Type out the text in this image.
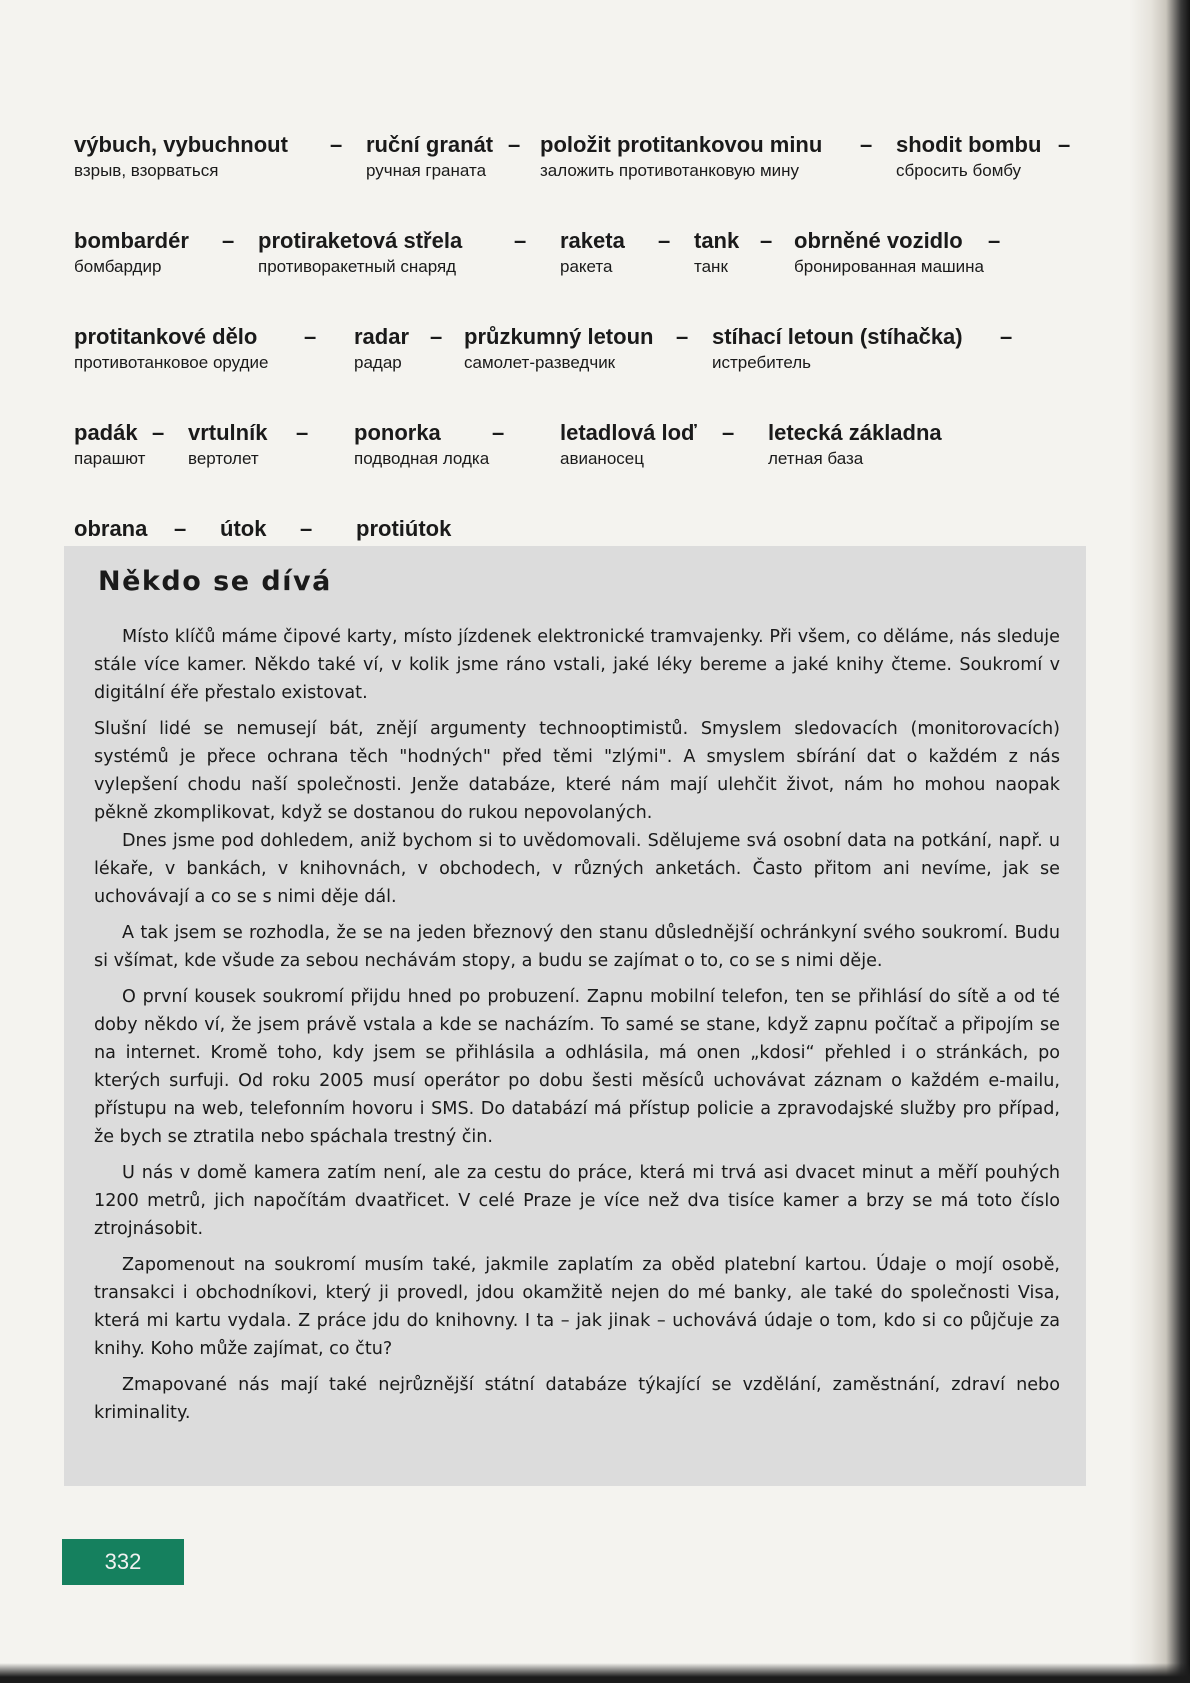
výbuch, vybuchnout
взрыв, взорваться
– ruční granát
ручная граната
– položit protitankovou minu
заложить противотанковую мину
– shodit bombu
сбросить бомбу
–
bombardér
бомбардир
– protiraketová střela
противоракетный снаряд
– raketa
ракета
– tank
танк
– obrněné vozidlo
бронированная машина
–
protitankové dělo
противотанковое орудие
– radar
радар
– průzkumný letoun
самолет-разведчик
– stíhací letoun (stíhačka)
истребитель
–
padák
парашют
– vrtulník
вертолет
– ponorka
подводная лодка
–	letadlová loď
авианосец
– letecká základna
летная база
obrana – útok	– protiútok
Někdo se dívá

Místo klíčů máme čipové karty, místo jízdenek elektronické tramvajenky. Při všem, co děláme, nás sleduje stále více kamer. Někdo také ví, v kolik jsme ráno vstali, jaké léky bereme a jaké knihy čteme. Soukromí v digitální éře přestalo existovat.

Slušní lidé se nemusejí bát, znějí argumenty technooptimistů. Smyslem sledovacích (monitorovacích) systémů je přece ochrana těch "hodných" před těmi "zlými". A smyslem sbírání dat o každém z nás vylepšení chodu naší společnosti. Jenže databáze, které nám mají ulehčit život, nám ho mohou naopak pěkně zkomplikovat, když se dostanou do rukou nepovolaných.

Dnes jsme pod dohledem, aniž bychom si to uvědomovali. Sdělujeme svá osobní data na potkání, např. u lékaře, v bankách, v knihovnách, v obchodech, v různých anketách. Často přitom ani nevíme, jak se uchovávají a co se s nimi děje dál.

A tak jsem se rozhodla, že se na jeden březnový den stanu důslednější ochránkyní svého soukromí. Budu si všímat, kde všude za sebou nechávám stopy, a budu se zajímat o to, co se s nimi děje.

O první kousek soukromí přijdu hned po probuzení. Zapnu mobilní telefon, ten se přihlásí do sítě a od té doby někdo ví, že jsem právě vstala a kde se nacházím. To samé se stane, když zapnu počítač a připojím se na internet. Kromě toho, kdy jsem se přihlásila a odhlásila, má onen „kdosi“ přehled i o stránkách, po kterých surfuji. Od roku 2005 musí operátor po dobu šesti měsíců uchovávat záznam o každém e-mailu, přístupu na web, telefonním hovoru i SMS. Do databází má přístup policie a zpravodajské služby pro případ, že bych se ztratila nebo spáchala trestný čin.

U nás v domě kamera zatím není, ale za cestu do práce, která mi trvá asi dvacet minut a měří pouhých 1200 metrů, jich napočítám dvaatřicet. V celé Praze je více než dva tisíce kamer a brzy se má toto číslo ztrojnásobit.

Zapomenout na soukromí musím také, jakmile zaplatím za oběd platební kartou. Údaje o mojí osobě, transakci i obchodníkovi, který ji provedl, jdou okamžitě nejen do mé banky, ale také do společnosti Visa, která mi kartu vydala. Z práce jdu do knihovny. I ta – jak jinak – uchovává údaje o tom, kdo si co půjčuje za knihy. Koho může zajímat, co čtu?

Zmapované nás mají také nejrůznější státní databáze týkající se vzdělání, zaměstnání, zdraví nebo kriminality.

332
